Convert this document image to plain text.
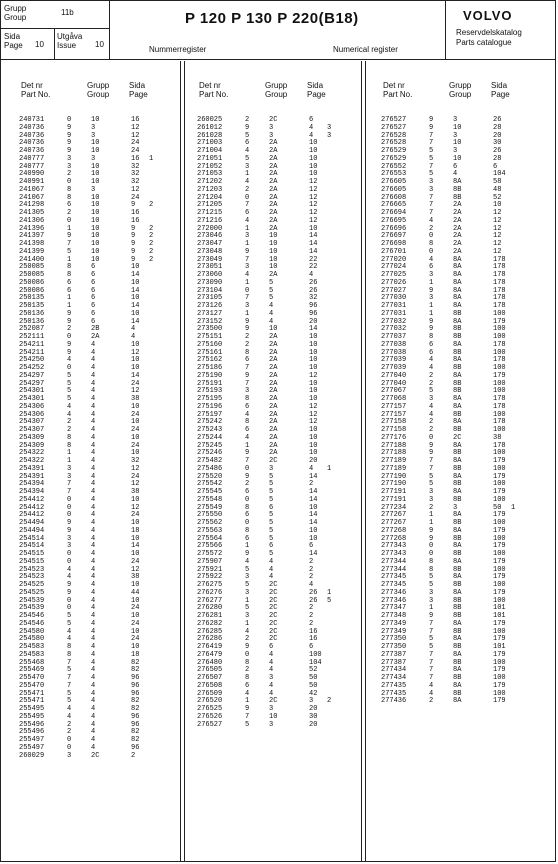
Grupp
Group
11b
Sida
Page 10
Utgåva
Issue	10
P 120 P 130 P 220(B18)
Nummerregister	Numerical register
VOLVO
Reservdelskatalog
Parts catalogue
Det nr
Part No.
Grupp
Group
Sida
Page
240731	0	10	16
240736	9	3	12
240736	9	3	12
240736	9	10	24
240736	9	10	24
240777	3	3	16 1
240777	3	10	32
240990	2	10	32
240991	0	10	32
241067	8	3	12
241067	8	10	24
241298	6	10	9 2
241305	2	10	16
241306	0	10	16
241396	1	10	9 2
241397	9	10	9 2
241398	7	10	9 2
241399	5	10	9 2
241400	1	10	9 2
250085	8	6	10
250085	8	6	14
250086	6	6	10
250086	6	6	14
250135	1	6	10
250135	1	6	14
250136	9	6	10
250136	9	6	14
252087	2	2B	4
252111	0	2A	4
254211	9	4	10
254211	9	4	12
254250	4	4	10
254252	0	4	10
254297	5	4	14
254297	5	4	24
254301	5	4	12
254301	5	4	38
254306	4	4	10
254306	4	4	24
254307	2	4	10
254307	2	4	24
254309	8	4	10
254309	8	4	24
254322	1	4	10
254322	1	4	32
254391	3	4	12
254391	3	4	24
254394	7	4	12
254394	7	4	38
254412	0	4	10
254412	0	4	12
254412	0	4	24
254494	9	4	10
254494	9	4	18
254514	3	4	10
254514	3	4	14
254515	0	4	10
254515	0	4	24
254523	4	4	12
254523	4	4	38
254525	9	4	10
254525	9	4	44
254539	0	4	10
254539	0	4	24
254546	5	4	10
254546	5	4	24
254580	4	4	10
254580	4	4	24
254583	8	4	10
254583	8	4	18
255468	7	4	82
255469	5	4	82
255470	7	4	96
255470	7	4	96
255471	5	4	96
255471	5	4	82
255495	4	4	82
255495	4	4	96
255496	2	4	96
255496	2	4	82
255497	0	4	82
255497	0	4	96
260029	3	2C	2
Det nr
Part No.
Grupp
Group
Sida
Page
260025	2	2C	6
261012	9	3	4 3
261028	5	3	4 3
271003	6	2A	10
271004	4	2A	10
271051	5	2A	10
271052	3	2A	10
271053	1	2A	10
271202	4	2A	12
271203	2	2A	12
271204	0	2A	12
271205	7	2A	12
271215	6	2A	12
271216	4	2A	12
272000	1	2A	10
273046	3	10	14
273047	1	10	14
273048	9	10	14
273049	7	10	22
273051	3	10	22
273060	4	2A	4
273090	1	5	26
273104	0	5	26
273105	7	5	32
273126	3	4	96
273127	1	4	96
273152	9	4	20
273500	9	10	14
275151	2	2A	10
275160	2	2A	10
275161	8	2A	10
275162	6	2A	10
275186	7	2A	10
275190	9	2A	12
275191	7	2A	10
275193	3	2A	10
275195	8	2A	10
275196	6	2A	12
275197	4	2A	12
275242	8	2A	12
275243	6	2A	10
275244	4	2A	10
275245	1	2A	10
275246	9	2A	10
275482	7	2C	20
275486	0	3	4 1
275520	9	5	14
275542	2	5	2
275545	6	5	14
275548	0	5	14
275549	8	6	10
275550	6	5	14
275562	0	5	14
275563	8	5	10
275564	6	5	10
275566	1	6	6
275572	9	5	14
275907	4	4	2
275921	5	4	2
275922	3	4	2
276275	5	2C	4
276276	3	2C	26 1
276277	1	2C	26 5
276280	5	2C	2
276281	3	2C	2
276282	1	2C	2
276285	4	2C	16
276286	2	2C	16
276419	9	6	6
276479	0	4	100
276480	8	4	104
276505	2	4	52
276507	8	3	50
276508	6	4	50
276509	4	4	42
276520	1	2C	3 2
276525	9	3	20
276526	7	10	30
276527	5	3	20
Det nr
Part No.
Grupp
Group
Sida
Page
276527	9	3	26
276527	9	10	28
276528	7	3	20
276528	7	10	30
276529	5	3	26
276529	5	10	28
276552	7	6	6
276553	5	4	104
276605	3	8A	58
276605	3	8B	48
276608	7	8B	52
276665	7	2A	10
276694	7	2A	12
276695	4	2A	12
276696	2	2A	12
276697	0	2A	12
276698	8	2A	12
276701	0	2A	12
277020	4	8A	178
277024	6	8A	178
277025	3	8A	178
277026	1	8A	178
277027	9	8A	178
277030	3	8A	178
277031	1	8A	178
277031	1	8B	100
277032	9	8A	179
277032	9	8B	100
277037	8	8B	100
277038	6	8A	178
277038	6	8B	100
277039	4	8A	178
277039	4	8B	100
277040	2	8A	179
277040	2	8B	100
277067	5	8B	100
277068	3	8A	178
277157	4	8A	178
277157	4	8B	100
277158	2	8A	178
277158	2	8B	100
277176	0	2C	38
277188	9	8A	178
277188	9	8B	100
277189	7	8A	179
277189	7	8B	100
277190	5	8A	179
277190	5	8B	100
277191	3	8A	179
277191	3	8B	100
277234	2	3	50 1
277267	1	8A	179
277267	1	8B	100
277268	9	8A	179
277268	9	8B	100
277343	0	8A	179
277343	0	8B	100
277344	8	8A	179
277344	8	8B	100
277345	5	8A	179
277345	5	8B	100
277346	3	8A	179
277346	3	8B	100
277347	1	8B	101
277348	9	8B	101
277349	7	8A	179
277349	7	8B	100
277350	5	8A	179
277350	5	8B	101
277387	7	8A	179
277387	7	8B	100
277434	7	8A	179
277434	7	8B	100
277435	4	8A	179
277435	4	8B	100
277436	2	8A	179
